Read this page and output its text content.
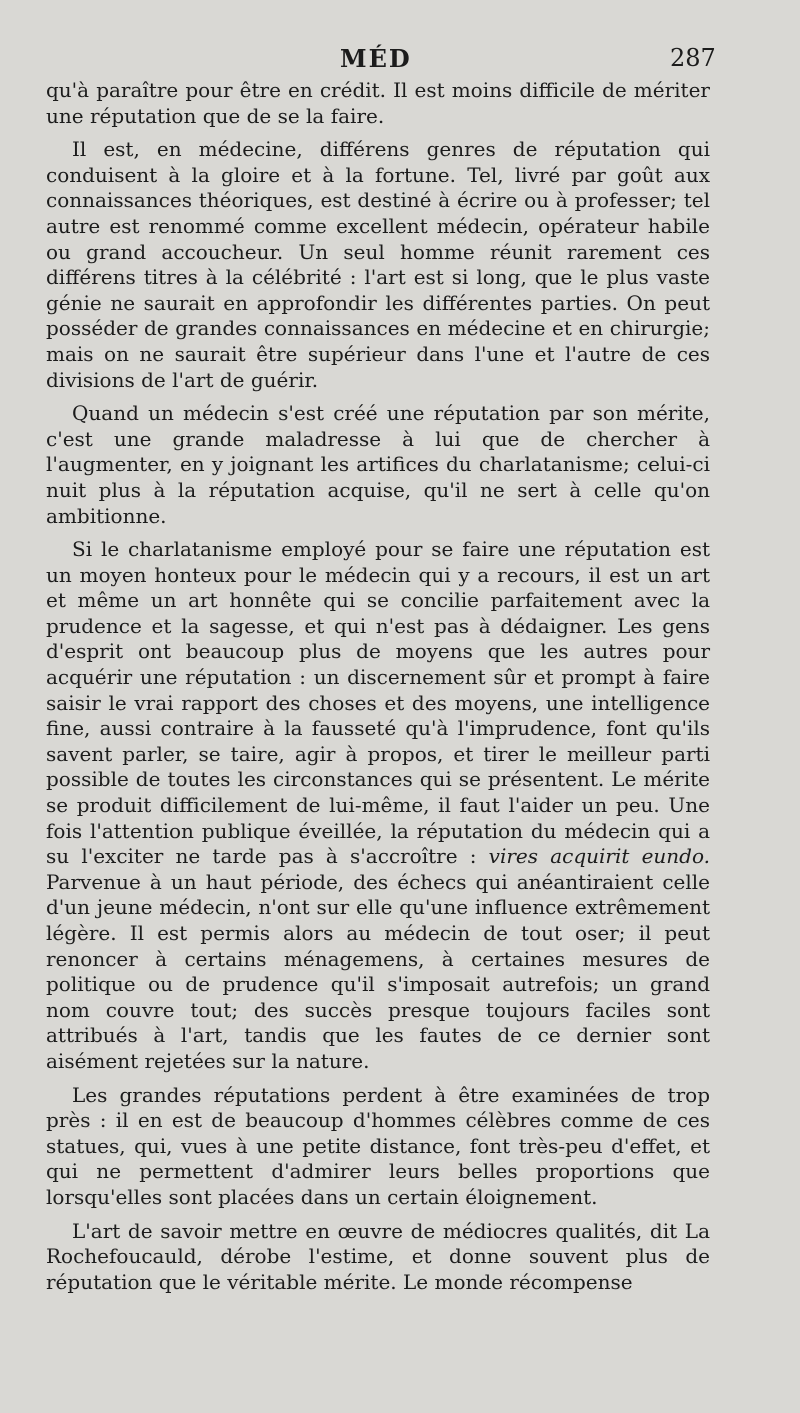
MÉD	287

qu'à paraître pour être en crédit. Il est moins difficile de mériter une réputation que de se la faire.

Il est, en médecine, différens genres de réputation qui conduisent à la gloire et à la fortune. Tel, livré par goût aux connaissances théoriques, est destiné à écrire ou à professer; tel autre est renommé comme excellent médecin, opérateur habile ou grand accoucheur. Un seul homme réunit rarement ces différens titres à la célébrité : l'art est si long, que le plus vaste génie ne saurait en approfondir les différentes parties. On peut posséder de grandes connaissances en médecine et en chirurgie; mais on ne saurait être supérieur dans l'une et l'autre de ces divisions de l'art de guérir.

Quand un médecin s'est créé une réputation par son mérite, c'est une grande maladresse à lui que de chercher à l'augmenter, en y joignant les artifices du charlatanisme; celui-ci nuit plus à la réputation acquise, qu'il ne sert à celle qu'on ambitionne.

Si le charlatanisme employé pour se faire une réputation est un moyen honteux pour le médecin qui y a recours, il est un art et même un art honnête qui se concilie parfaitement avec la prudence et la sagesse, et qui n'est pas à dédaigner. Les gens d'esprit ont beaucoup plus de moyens que les autres pour acquérir une réputation : un discernement sûr et prompt à faire saisir le vrai rapport des choses et des moyens, une intelligence fine, aussi contraire à la fausseté qu'à l'imprudence, font qu'ils savent parler, se taire, agir à propos, et tirer le meilleur parti possible de toutes les circonstances qui se présentent. Le mérite se produit difficilement de lui-même, il faut l'aider un peu. Une fois l'attention publique éveillée, la réputation du médecin qui a su l'exciter ne tarde pas à s'accroître : vires acquirit eundo. Parvenue à un haut période, des échecs qui anéantiraient celle d'un jeune médecin, n'ont sur elle qu'une influence extrêmement légère. Il est permis alors au médecin de tout oser; il peut renoncer à certains ménagemens, à certaines mesures de politique ou de prudence qu'il s'imposait autrefois; un grand nom couvre tout; des succès presque toujours faciles sont attribués à l'art, tandis que les fautes de ce dernier sont aisément rejetées sur la nature.

Les grandes réputations perdent à être examinées de trop près : il en est de beaucoup d'hommes célèbres comme de ces statues, qui, vues à une petite distance, font très-peu d'effet, et qui ne permettent d'admirer leurs belles proportions que lorsqu'elles sont placées dans un certain éloignement.

L'art de savoir mettre en œuvre de médiocres qualités, dit La Rochefoucauld, dérobe l'estime, et donne souvent plus de réputation que le véritable mérite. Le monde récompense
